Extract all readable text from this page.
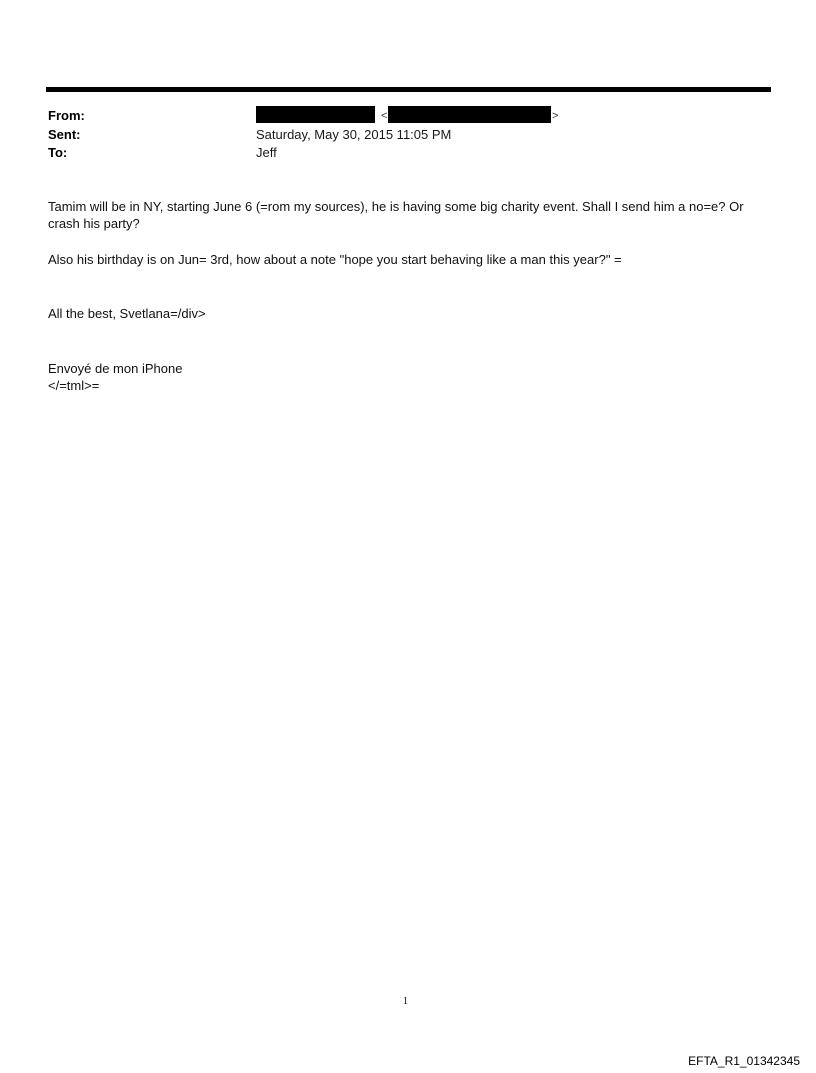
From:
Sent:
To:
<	>
Saturday, May 30, 2015 11:05 PM
Jeff
Tamim will be in NY, starting June 6 (=rom my sources), he is having some big charity event. Shall I send him a no=e? Or crash his party?
Also his birthday is on Jun= 3rd, how about a note "hope you start behaving like a man this year?" =
All the best, Svetlana=/div>
Envoyé de mon iPhone
</=tml>=
1
EFTA_R1_01342345
